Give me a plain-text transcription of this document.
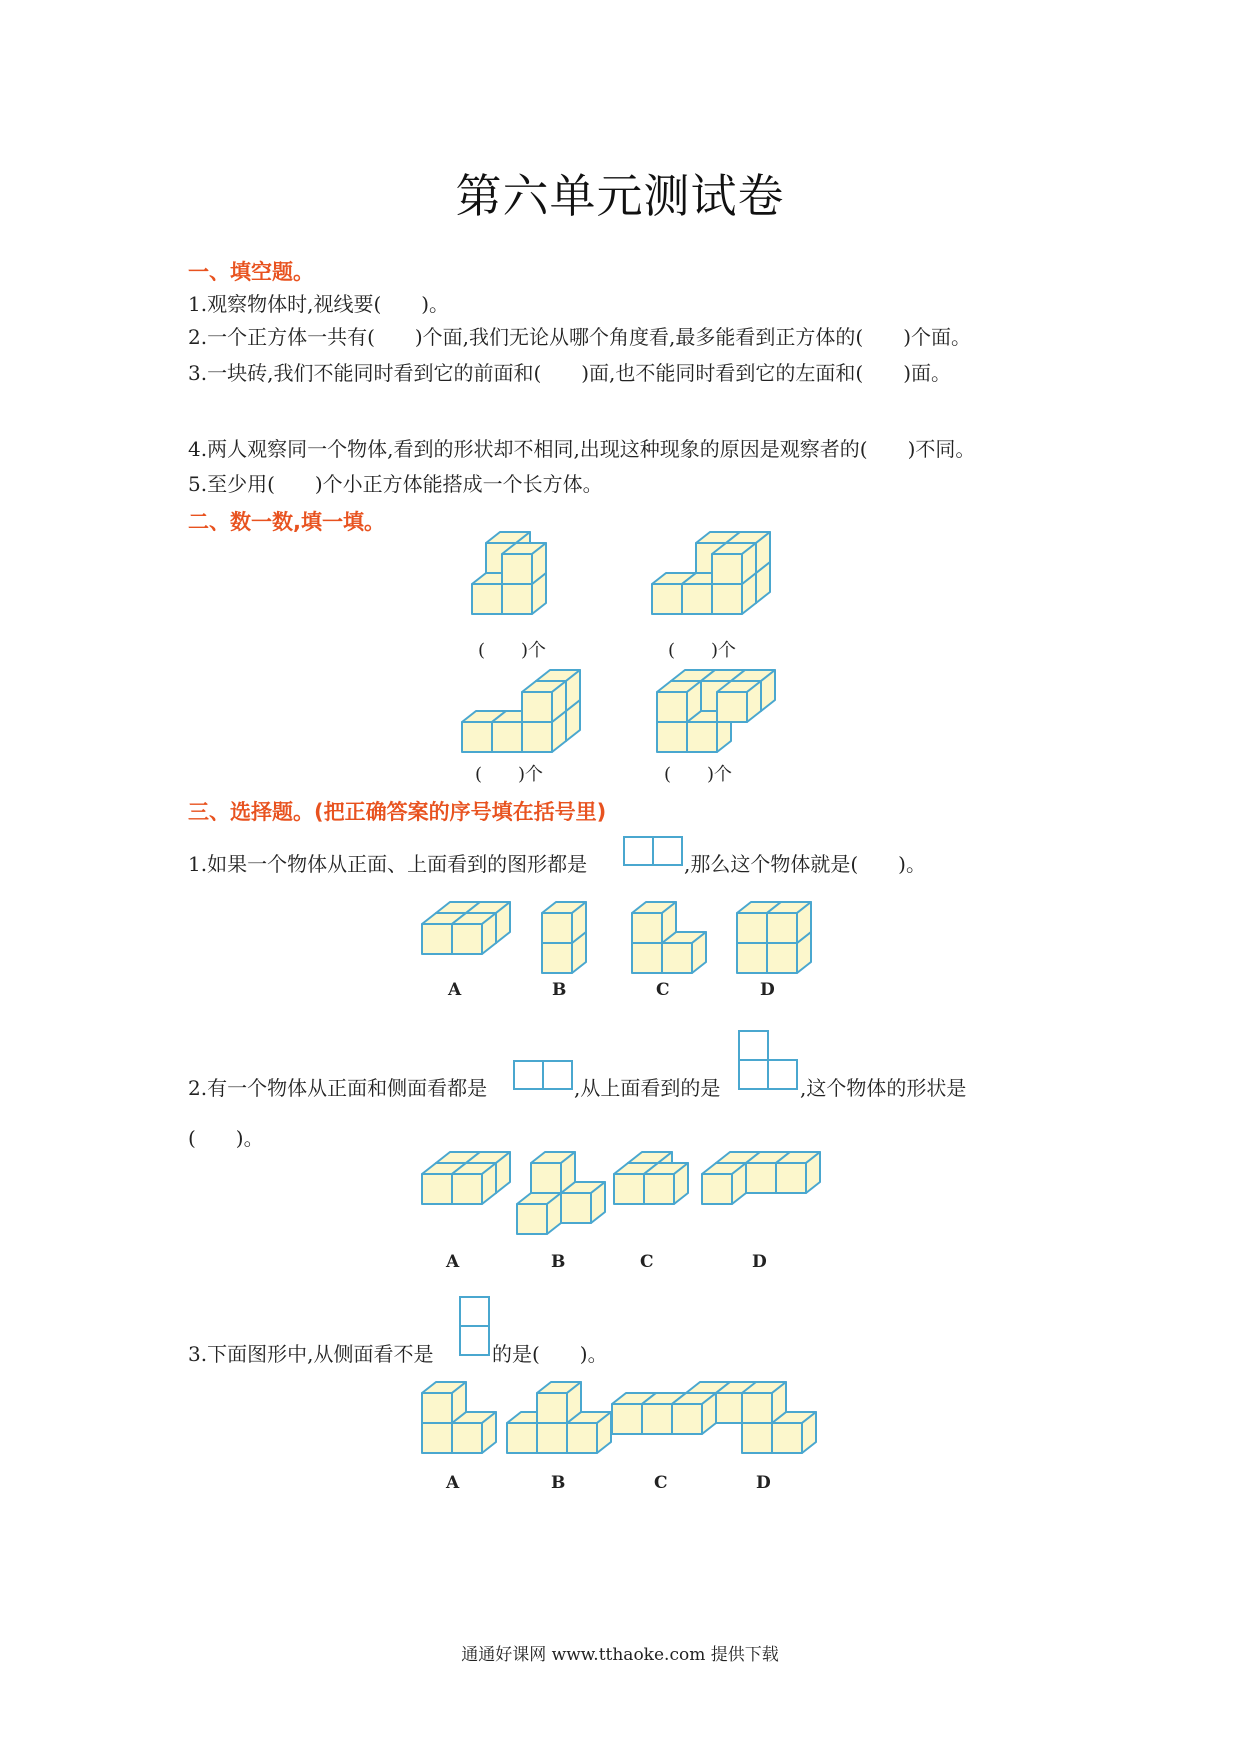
第六单元测试卷
一、填空题。
1.观察物体时,视线要(　　)。
2.一个正方体一共有(　　)个面,我们无论从哪个角度看,最多能看到正方体的(　　)个面。
3.一块砖,我们不能同时看到它的前面和(　　)面,也不能同时看到它的左面和(　　)面。
4.两人观察同一个物体,看到的形状却不相同,出现这种现象的原因是观察者的(　　)不同。
5.至少用(　　)个小正方体能搭成一个长方体。
二、数一数,填一填。
(　　)个	(　　)个
(　　)个	(　　)个
三、选择题。(把正确答案的序号填在括号里)
1.如果一个物体从正面、上面看到的图形都是	,那么这个物体就是(　　)。
A	B	C	D
2.有一个物体从正面和侧面看都是	,从上面看到的是	,这个物体的形状是
(　　)。
A	B	C	D
3.下面图形中,从侧面看不是	的是(　　)。
A	B	C	D
通通好课网 www.tthaoke.com 提供下载
